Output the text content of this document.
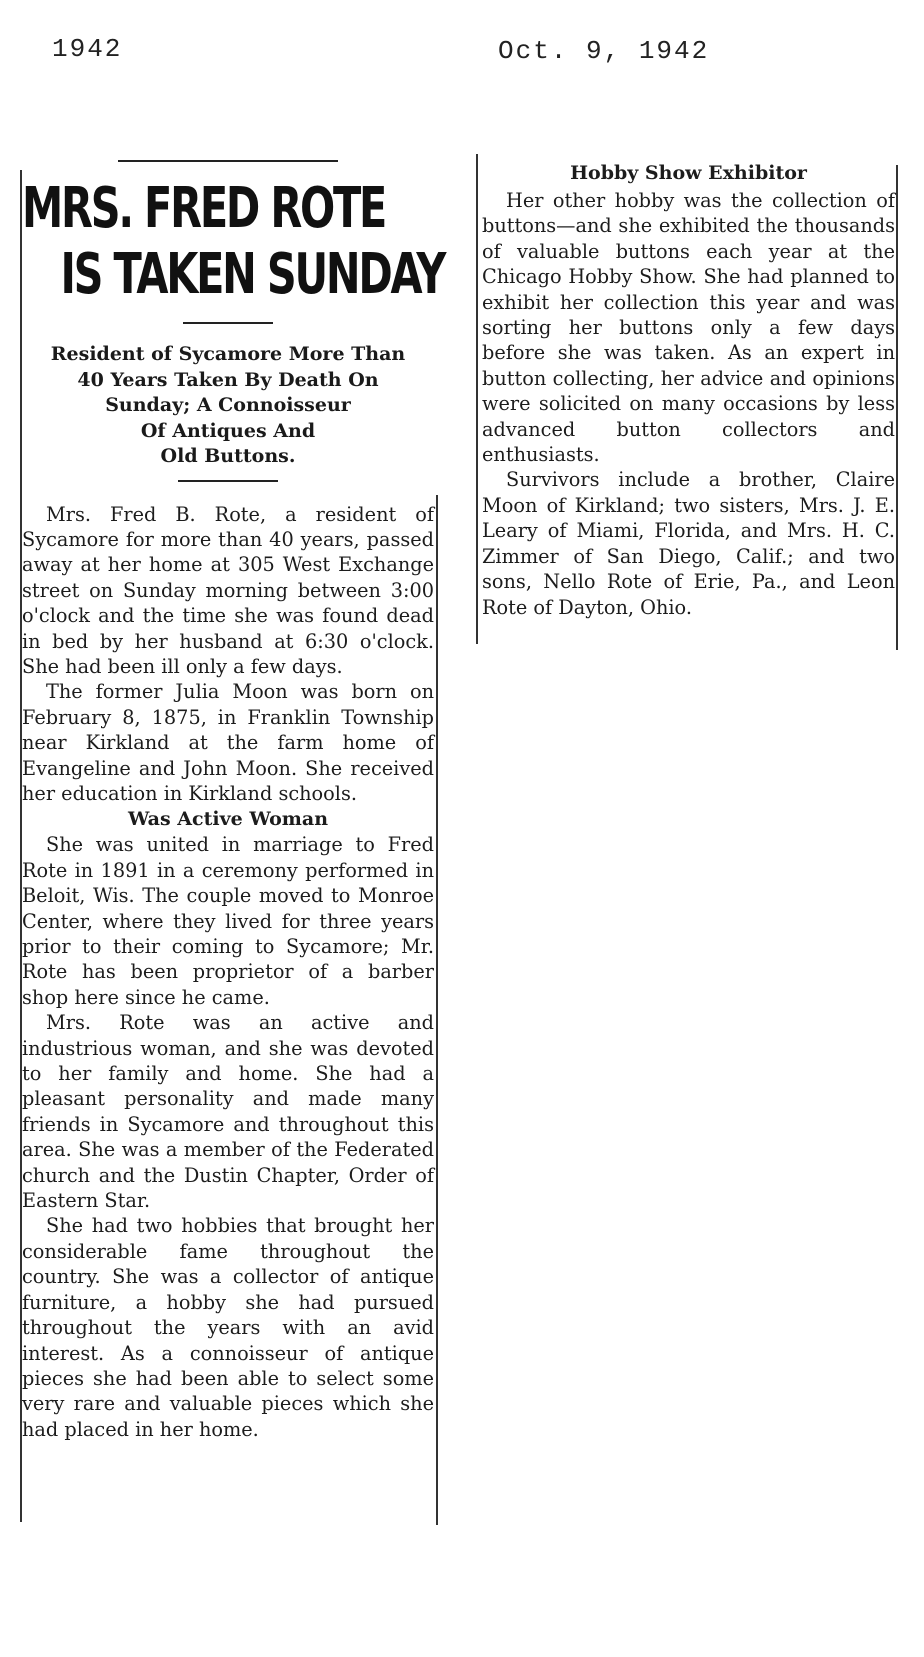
1942	Oct. 9, 1942
MRS. FRED ROTE
IS TAKEN SUNDAY
Resident of Sycamore More Than
40 Years Taken By Death On
Sunday; A Connoisseur
Of Antiques And
Old Buttons.

Mrs. Fred B. Rote, a resident of Sycamore for more than 40 years, passed away at her home at 305 West Exchange street on Sunday morning between 3:00 o'clock and the time she was found dead in bed by her husband at 6:30 o'clock. She had been ill only a few days.

The former Julia Moon was born on February 8, 1875, in Franklin Township near Kirkland at the farm home of Evangeline and John Moon. She received her education in Kirkland schools.

Was Active Woman

She was united in marriage to Fred Rote in 1891 in a ceremony performed in Beloit, Wis. The couple moved to Monroe Center, where they lived for three years prior to their coming to Sycamore; Mr. Rote has been proprietor of a barber shop here since he came.

Mrs. Rote was an active and industrious woman, and she was devoted to her family and home. She had a pleasant personality and made many friends in Sycamore and throughout this area. She was a member of the Federated church and the Dustin Chapter, Order of Eastern Star.

She had two hobbies that brought her considerable fame throughout the country. She was a collector of antique furniture, a hobby she had pursued throughout the years with an avid interest. As a connoisseur of antique pieces she had been able to select some very rare and valuable pieces which she had placed in her home.

Hobby Show Exhibitor

Her other hobby was the collection of buttons—and she exhibited the thousands of valuable buttons each year at the Chicago Hobby Show. She had planned to exhibit her collection this year and was sorting her buttons only a few days before she was taken. As an expert in button collecting, her advice and opinions were solicited on many occasions by less advanced button collectors and enthusiasts.

Survivors include a brother, Claire Moon of Kirkland; two sisters, Mrs. J. E. Leary of Miami, Florida, and Mrs. H. C. Zimmer of San Diego, Calif.; and two sons, Nello Rote of Erie, Pa., and Leon Rote of Dayton, Ohio.
